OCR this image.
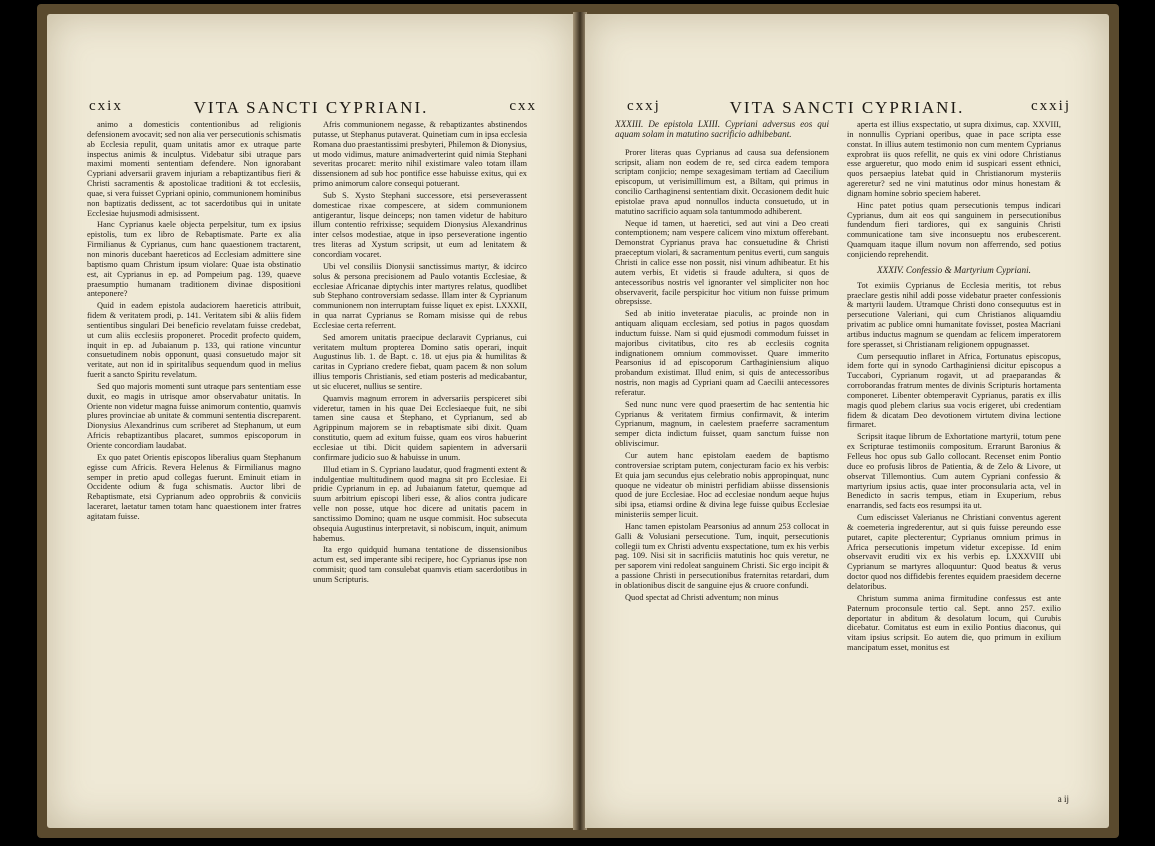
cxix	VITA SANCTI CYPRIANI.	cxx

animo a domesticis contentionibus ad religionis defensionem avocavit; sed non alia ver persecutionis schismatis ab Ecclesia repulit, quam unitatis amor ex utraque parte inspectus animis & inculptus. Videbatur sibi utraque pars maximi momenti sententiam defendere. Non ignorabant Cypriani adversarii gravem injuriam a rebaptizantibus fieri & Christi sacramentis & apostolicae traditioni & tot ecclesiis, quae, si vera fuisset Cypriani opinio, communionem hominibus non baptizatis dedissent, ac tot sacerdotibus qui in unitate Ecclesiae hujusmodi admisissent.

Hanc Cyprianus kaele objecta perpelsitur, tum ex ipsius epistolis, tum ex libro de Rebaptismate. Parte ex alia Firmilianus & Cyprianus, cum hanc quaestionem tractarent, non minoris ducebant haereticos ad Ecclesiam admittere sine baptismo quam Christum ipsum violare: Quae ista obstinatio est, ait Cyprianus in ep. ad Pompeium pag. 139, quaeve praesumptio humanam traditionem divinae dispositioni anteponere?

Quid in eadem epistola audaciorem haereticis attribuit, fidem & veritatem prodi, p. 141. Veritatem sibi & aliis fidem sentientibus singulari Dei beneficio revelatam fuisse credebat, ut cum aliis ecclesiis proponeret. Procedit profecto quidem, inquit in ep. ad Jubaianum p. 133, qui ratione vincuntur consuetudinem nobis opponunt, quasi consuetudo major sit veritate, aut non id in spiritalibus sequendum quod in melius fuerit a sancto Spiritu revelatum.

Sed quo majoris momenti sunt utraque pars sententiam esse duxit, eo magis in utrisque amor observabatur unitatis. In Oriente non videtur magna fuisse animorum contentio, quamvis plures provinciae ab unitate & communi sententia discreparent. Dionysius Alexandrinus cum scriberet ad Stephanum, ut eum Africis rebaptizantibus placaret, summos episcoporum in Oriente concordiam laudabat.

Ex quo patet Orientis episcopos liberalius quam Stephanum egisse cum Africis. Revera Helenus & Firmilianus magno semper in pretio apud collegas fuerunt. Eminuit etiam in Occidente odium & fuga schismatis. Auctor libri de Rebaptismate, etsi Cyprianum adeo opprobriis & conviciis laceraret, laetatur tamen totam hanc quaestionem inter fratres agitatam fuisse.

Afris communionem negasse, & rebaptizantes abstinendos putasse, ut Stephanus putaverat. Quinetiam cum in ipsa ecclesia Romana duo praestantissimi presbyteri, Philemon & Dionysius, ut modo vidimus, mature animadverterint quid nimia Stephani severitas procaret: merito nihil existimare valeo totam illam dissensionem ad sub hoc pontifice esse habuisse exitus, qui ex primo animorum calore consequi potuerant.

Sub S. Xysto Stephani successore, etsi perseverassent domesticae rixae compescere, at sidem communionem antigerantur, lisque deinceps; non tamen videtur de habituro illum contentio refrixisse; sequidem Dionysius Alexandrinus inter celsos modestiae, atque in ipso perseveratione ingentio tres literas ad Xystum scripsit, ut eum ad lenitatem & concordiam vocaret.

Ubi vel consiliis Dionysii sanctissimus martyr, & idcirco solus & persona precisionem ad Paulo votantis Ecclesiae, & ecclesiae Africanae diptychis inter martyres relatus, quodlibet sub Stephano controversiam sedasse. Illam inter & Cyprianum communionem non interruptam fuisse liquet ex epist. LXXXII, in qua narrat Cyprianus se Romam misisse qui de rebus Ecclesiae certa referrent.

Sed amorem unitatis praecipue declaravit Cyprianus, cui veritatem multum propterea Domino satis operari, inquit Augustinus lib. 1. de Bapt. c. 18. ut ejus pia & humilitas & caritas in Cypriano credere fiebat, quam pacem & non solum illius temporis Christianis, sed etiam posteris ad medicabantur, ut sic eluceret, nullius se sentire.

Quamvis magnum errorem in adversariis perspiceret sibi videretur, tamen in his quae Dei Ecclesiaeque fuit, ne sibi tamen sine causa et Stephano, et Cyprianum, sed ab Agrippinum majorem se in rebaptismate sibi dixit. Quam constitutio, quem ad exitum fuisse, quam eos viros habuerint ecclesiae ut tibi. Dicit quidem sapientem in adversarii confirmare judicio suo & habuisse in unum.

Illud etiam in S. Cypriano laudatur, quod fragmenti extent & indulgentiae multitudinem quod magna sit pro Ecclesiae. Ei pridie Cyprianum in ep. ad Jubaianum fatetur, quemque ad suum arbitrium episcopi liberi esse, & alios contra judicare velle non posse, utque hoc dicere ad unitatis pacem in sanctissimo Domino; quam ne usque commisit. Hoc subsecuta obsequia Augustinus interpretavit, si nobiscum, inquit, animum habemus.

Ita ergo quidquid humana tentatione de dissensionibus actum est, sed imperante sibi recipere, hoc Cyprianus ipse non commisit; quod tam consulebat quamvis etiam sacerdotibus in unum Scripturis.

cxxj	VITA SANCTI CYPRIANI.	cxxij

XXXIII. De epistola LXIII. Cypriani adversus eos qui aquam solam in matutino sacrificio adhibebant.

Prorer literas quas Cyprianus ad causa sua defensionem scripsit, aliam non eodem de re, sed circa eadem tempora scriptam conjicio; nempe sexagesimam tertiam ad Caecilium episcopum, ut verisimillimum est, a Biltam, qui primus in concilio Carthaginensi sententiam dixit. Occasionem dedit huic epistolae prava apud nonnullos inducta consuetudo, ut in matutino sacrificio aquam sola tantummodo adhiberent.

Neque id tamen, ut haeretici, sed aut vini a Deo creati contemptionem; nam vespere calicem vino mixtum offerebant. Demonstrat Cyprianus prava hac consuetudine & Christi praeceptum violari, & sacramentum penitus everti, cum sanguis Christi in calice esse non possit, nisi vinum adhibeatur. Et his autem verbis, Et videtis si fraude adultera, si quos de antecessoribus nostris vel ignoranter vel simpliciter non hoc observaverit, facile perspicitur hoc vitium non fuisse primum obrepsisse.

Sed ab initio inveteratae piaculis, ac proinde non in antiquam aliquam ecclesiam, sed potius in pagos quosdam inductum fuisse. Nam si quid ejusmodi commodum fuisset in majoribus civitatibus, cito res ab ecclesiis cognita indignationem omnium commovisset. Quare immerito Pearsonius id ad episcoporum Carthaginiensium aliquo probandum existimat. Illud enim, si quis de antecessoribus nostris, non magis ad Cypriani quam ad Caecilii antecessores referatur.

Sed nunc nunc vere quod praesertim de hac sententia hic Cyprianus & veritatem firmius confirmavit, & interim Cyprianum, magnum, in caelestem praeferre sacramentum semper dicta indictum fuisset, quam sanctum fuisse non obliviscimur.

Cur autem hanc epistolam eaedem de baptismo controversiae scriptam putem, conjecturam facio ex his verbis: Et quia jam secundus ejus celebratio nobis appropinquat, nunc quoque ne videatur ob ministri perfidiam abiisse dissensionis quod de jure Ecclesiae. Hoc ad ecclesiae nondum aeque hujus sibi ipsa, etiamsi ordine & divina lege fuisse quibus Ecclesiae ministeriis semper licuit.

Hanc tamen epistolam Pearsonius ad annum 253 collocat in Galli & Volusiani persecutione. Tum, inquit, persecutionis collegii tum ex Christi adventu exspectatione, tum ex his verbis pag. 109. Nisi sit in sacrificiis matutinis hoc quis veretur, ne per saporem vini redoleat sanguinem Christi. Sic ergo incipit & a passione Christi in persecutionibus fraternitas retardari, dum in oblationibus discit de sanguine ejus & cruore confundi.

Quod spectat ad Christi adventum; non minus

aperta est illius exspectatio, ut supra diximus, cap. XXVIII, in nonnullis Cypriani operibus, quae in pace scripta esse constat. In illius autem testimonio non cum mentem Cyprianus exprobrat iis quos refellit, ne quis ex vini odore Christianus esse argueretur, quo modo enim id suspicari essent ethnici, quos persaepius latebat quid in Christianorum mysteriis agereretur? sed ne vini matutinus odor minus honestam & dignam homine sobrio speciem haberet.

Hinc patet potius quam persecutionis tempus indicari Cyprianus, dum ait eos qui sanguinem in persecutionibus fundendum fieri tardiores, qui ex sanguinis Christi communicatione tam sive inconsueptu nos erubescerent. Quamquam itaque illum novum non afferrendo, sed potius conjiciendo reprehendit.

XXXIV. Confessio & Martyrium Cypriani.

Tot eximiis Cyprianus de Ecclesia meritis, tot rebus praeclare gestis nihil addi posse videbatur praeter confessionis & martyrii laudem. Utramque Christi dono consequutus est in persecutione Valeriani, qui cum Christianos aliquamdiu privatim ac publice omni humanitate fovisset, postea Macriani artibus inductus magnum se quendam ac felicem imperatorem fore sperasset, si Christianam religionem oppugnasset.

Cum persequutio inflaret in Africa, Fortunatus episcopus, idem forte qui in synodo Carthaginiensi dicitur episcopus a Tuccabori, Cyprianum rogavit, ut ad praeparandas & corroborandas fratrum mentes de divinis Scripturis hortamenta componeret. Libenter obtemperavit Cyprianus, paratis ex illis magis quod plebem clarius sua vocis erigeret, ubi credentiam fidem & dicatam Deo devotionem virtutem divina lectione firmaret.

Scripsit itaque librum de Exhortatione martyrii, totum pene ex Scripturae testimoniis compositum. Errarunt Baronius & Felleus hoc opus sub Gallo collocant. Recenset enim Pontio duce eo profusis libros de Patientia, & de Zelo & Livore, ut observat Tillemontius. Cum autem Cypriani confessio & martyrium ipsius actis, quae inter proconsularia acta, vel in Benedicto in sacris tempus, etiam in Exuperium, rebus enarrandis, sed facts eos resumpsi ita ut.

Cum ediscisset Valerianus ne Christiani conventus agerent & coemeteria ingrederentur, aut si quis fuisse pereundo esse putaret, capite plecterentur; Cyprianus omnium primus in Africa persecutionis impetum videtur excepisse. Id enim observavit eruditi vix ex his verbis ep. LXXXVIII ubi Cyprianum se martyres alloquuntur: Quod beatus & verus doctor quod nos diffidebis ferentes equidem praesidem decerne delatoribus.

Christum summa anima firmitudine confessus est ante Paternum proconsule tertio cal. Sept. anno 257. exilio deportatur in abditum & desolatum locum, qui Curubis dicebatur. Comitatus est eum in exilio Pontius diaconus, qui vitam ipsius scripsit. Eo autem die, quo primum in exilium mancipatum esset, monitus est

a ij
